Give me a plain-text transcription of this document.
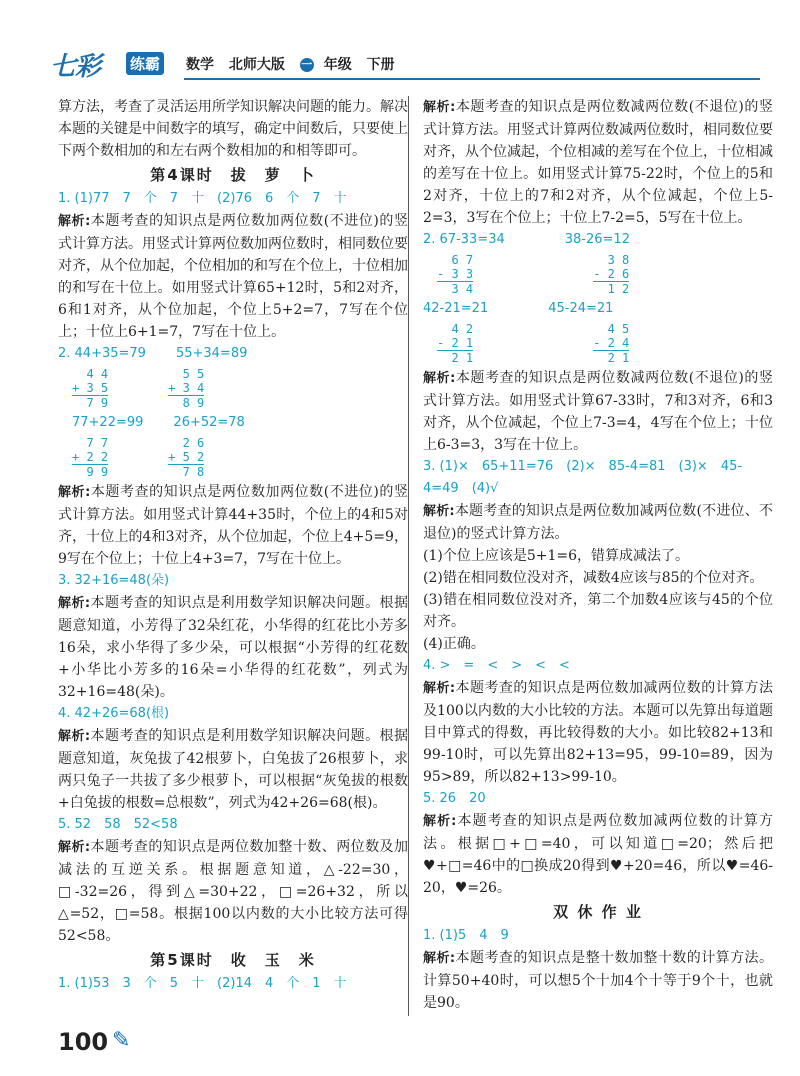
七彩 练霸 数学 北师大版 一 年级 下册

算方法，考查了灵活运用所学知识解决问题的能力。解决本题的关键是中间数字的填写，确定中间数后，只要使上下两个数相加的和左右两个数相加的和相等即可。

第4课时　拔　萝　卜
1. (1)77　7　个　7　十　(2)76　6　个　7　十

解析:本题考查的知识点是两位数加两位数(不进位)的竖式计算方法。用竖式计算两位数加两位数时，相同数位要对齐，从个位加起，个位相加的和写在个位上，十位相加的和写在十位上。如用竖式计算65+12时，5和2对齐，6和1对齐，从个位加起，个位上5+2=7，7写在个位上；十位上6+1=7，7写在十位上。

2. 44+35=79 55+34=89
4 4
+ 3 5
7 9
5 5
+ 3 4
8 9
77+22=99 26+52=78
7 7
+ 2 2
9 9
2 6
+ 5 2
7 8

解析:本题考查的知识点是两位数加两位数(不进位)的竖式计算方法。如用竖式计算44+35时，个位上的4和5对齐，十位上的4和3对齐，从个位加起，个位上4+5=9，9写在个位上；十位上4+3=7，7写在十位上。

3. 32+16=48(朵)

解析:本题考查的知识点是利用数学知识解决问题。根据题意知道，小芳得了32朵红花，小华得的红花比小芳多16朵，求小华得了多少朵，可以根据“小芳得的红花数+小华比小芳多的16朵=小华得的红花数”，列式为32+16=48(朵)。

4. 42+26=68(根)

解析:本题考查的知识点是利用数学知识解决问题。根据题意知道，灰兔拔了42根萝卜，白兔拔了26根萝卜，求两只兔子一共拔了多少根萝卜，可以根据“灰兔拔的根数+白兔拔的根数=总根数”，列式为42+26=68(根)。

5. 52　58　52<58

解析:本题考查的知识点是两位数加整十数、两位数及加减法的互逆关系。根据题意知道，△-22=30，□-32=26，得到△=30+22，□=26+32，所以△=52，□=58。根据100以内数的大小比较方法可得52<58。

第5课时　收　玉　米
1. (1)53　3　个　5　十　(2)14　4　个　1　十

解析:本题考查的知识点是两位数减两位数(不退位)的竖式计算方法。用竖式计算两位数减两位数时，相同数位要对齐，从个位减起，个位相减的差写在个位上，十位相减的差写在十位上。如用竖式计算75-22时，个位上的5和2对齐，十位上的7和2对齐，从个位减起，个位上5-2=3，3写在个位上；十位上7-2=5，5写在十位上。

2. 67-33=34	38-26=12
6 7
- 3 3
3 4
3 8
- 2 6
1 2
42-21=21	45-24=21
4 2
- 2 1
2 1
4 5
- 2 4
2 1

解析:本题考查的知识点是两位数减两位数(不退位)的竖式计算方法。如用竖式计算67-33时，7和3对齐，6和3对齐，从个位减起，个位上7-3=4，4写在个位上；十位上6-3=3，3写在十位上。

3. (1)×　65+11=76　(2)×　85-4=81　(3)×　45-4=49　(4)√

解析:本题考查的知识点是两位数加减两位数(不进位、不退位)的竖式计算方法。

(1)个位上应该是5+1=6，错算成减法了。

(2)错在相同数位没对齐，减数4应该与85的个位对齐。

(3)错在相同数位没对齐，第二个加数4应该与45的个位对齐。

(4)正确。

4. >　=　<　>　<　<

解析:本题考查的知识点是两位数加减两位数的计算方法及100以内数的大小比较的方法。本题可以先算出每道题目中算式的得数，再比较得数的大小。如比较82+13和99-10时，可以先算出82+13=95，99-10=89，因为95>89，所以82+13>99-10。

5. 26　20

解析:本题考查的知识点是两位数加减两位数的计算方法。根据□+□=40，可以知道□=20；然后把♥+□=46中的□换成20得到♥+20=46，所以♥=46-20，♥=26。

双 休 作 业
1. (1)5　4　9

解析:本题考查的知识点是整十数加整十数的计算方法。计算50+40时，可以想5个十加4个十等于9个十，也就是90。

100 ✎
